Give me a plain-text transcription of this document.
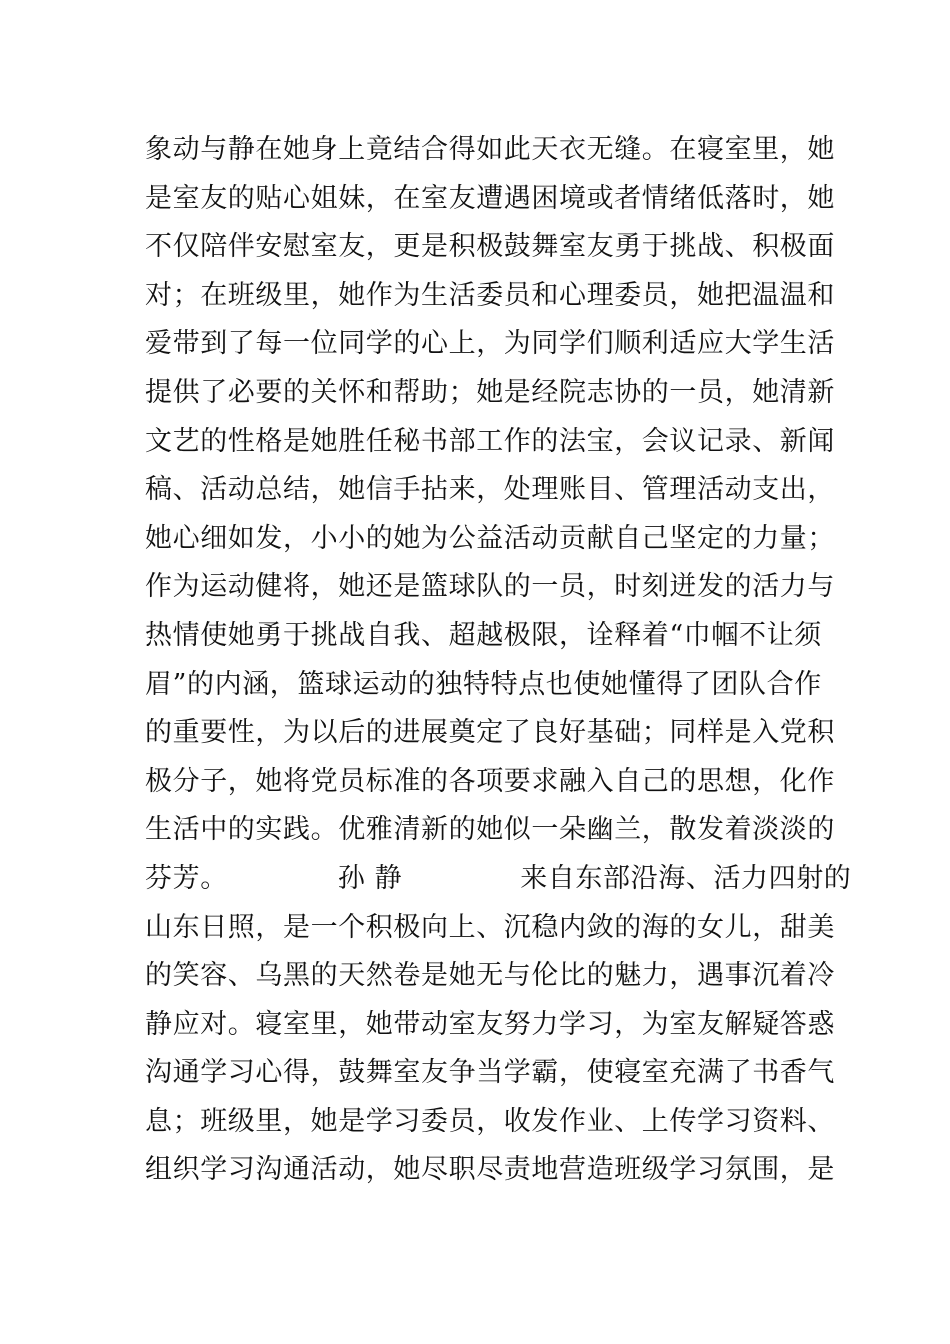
象动与静在她身上竟结合得如此天衣无缝。在寝室里，她
是室友的贴心姐妹，在室友遭遇困境或者情绪低落时，她
不仅陪伴安慰室友，更是积极鼓舞室友勇于挑战、积极面
对；在班级里，她作为生活委员和心理委员，她把温温和
爱带到了每一位同学的心上，为同学们顺利适应大学生活
提供了必要的关怀和帮助；她是经院志协的一员，她清新
文艺的性格是她胜任秘书部工作的法宝，会议记录、新闻
稿、活动总结，她信手拈来，处理账目、管理活动支出，
她心细如发，小小的她为公益活动贡献自己坚定的力量；
作为运动健将，她还是篮球队的一员，时刻迸发的活力与
热情使她勇于挑战自我、超越极限，诠释着“巾帼不让须
眉”的内涵，篮球运动的独特特点也使她懂得了团队合作
的重要性，为以后的进展奠定了良好基础；同样是入党积
极分子，她将党员标准的各项要求融入自己的思想，化作
生活中的实践。优雅清新的她似一朵幽兰，散发着淡淡的
芬芳。	孙 静	来自东部沿海、活力四射的
山东日照，是一个积极向上、沉稳内敛的海的女儿，甜美
的笑容、乌黑的天然卷是她无与伦比的魅力，遇事沉着冷
静应对。寝室里，她带动室友努力学习，为室友解疑答惑
沟通学习心得，鼓舞室友争当学霸，使寝室充满了书香气
息；班级里，她是学习委员，收发作业、上传学习资料、
组织学习沟通活动，她尽职尽责地营造班级学习氛围，是
